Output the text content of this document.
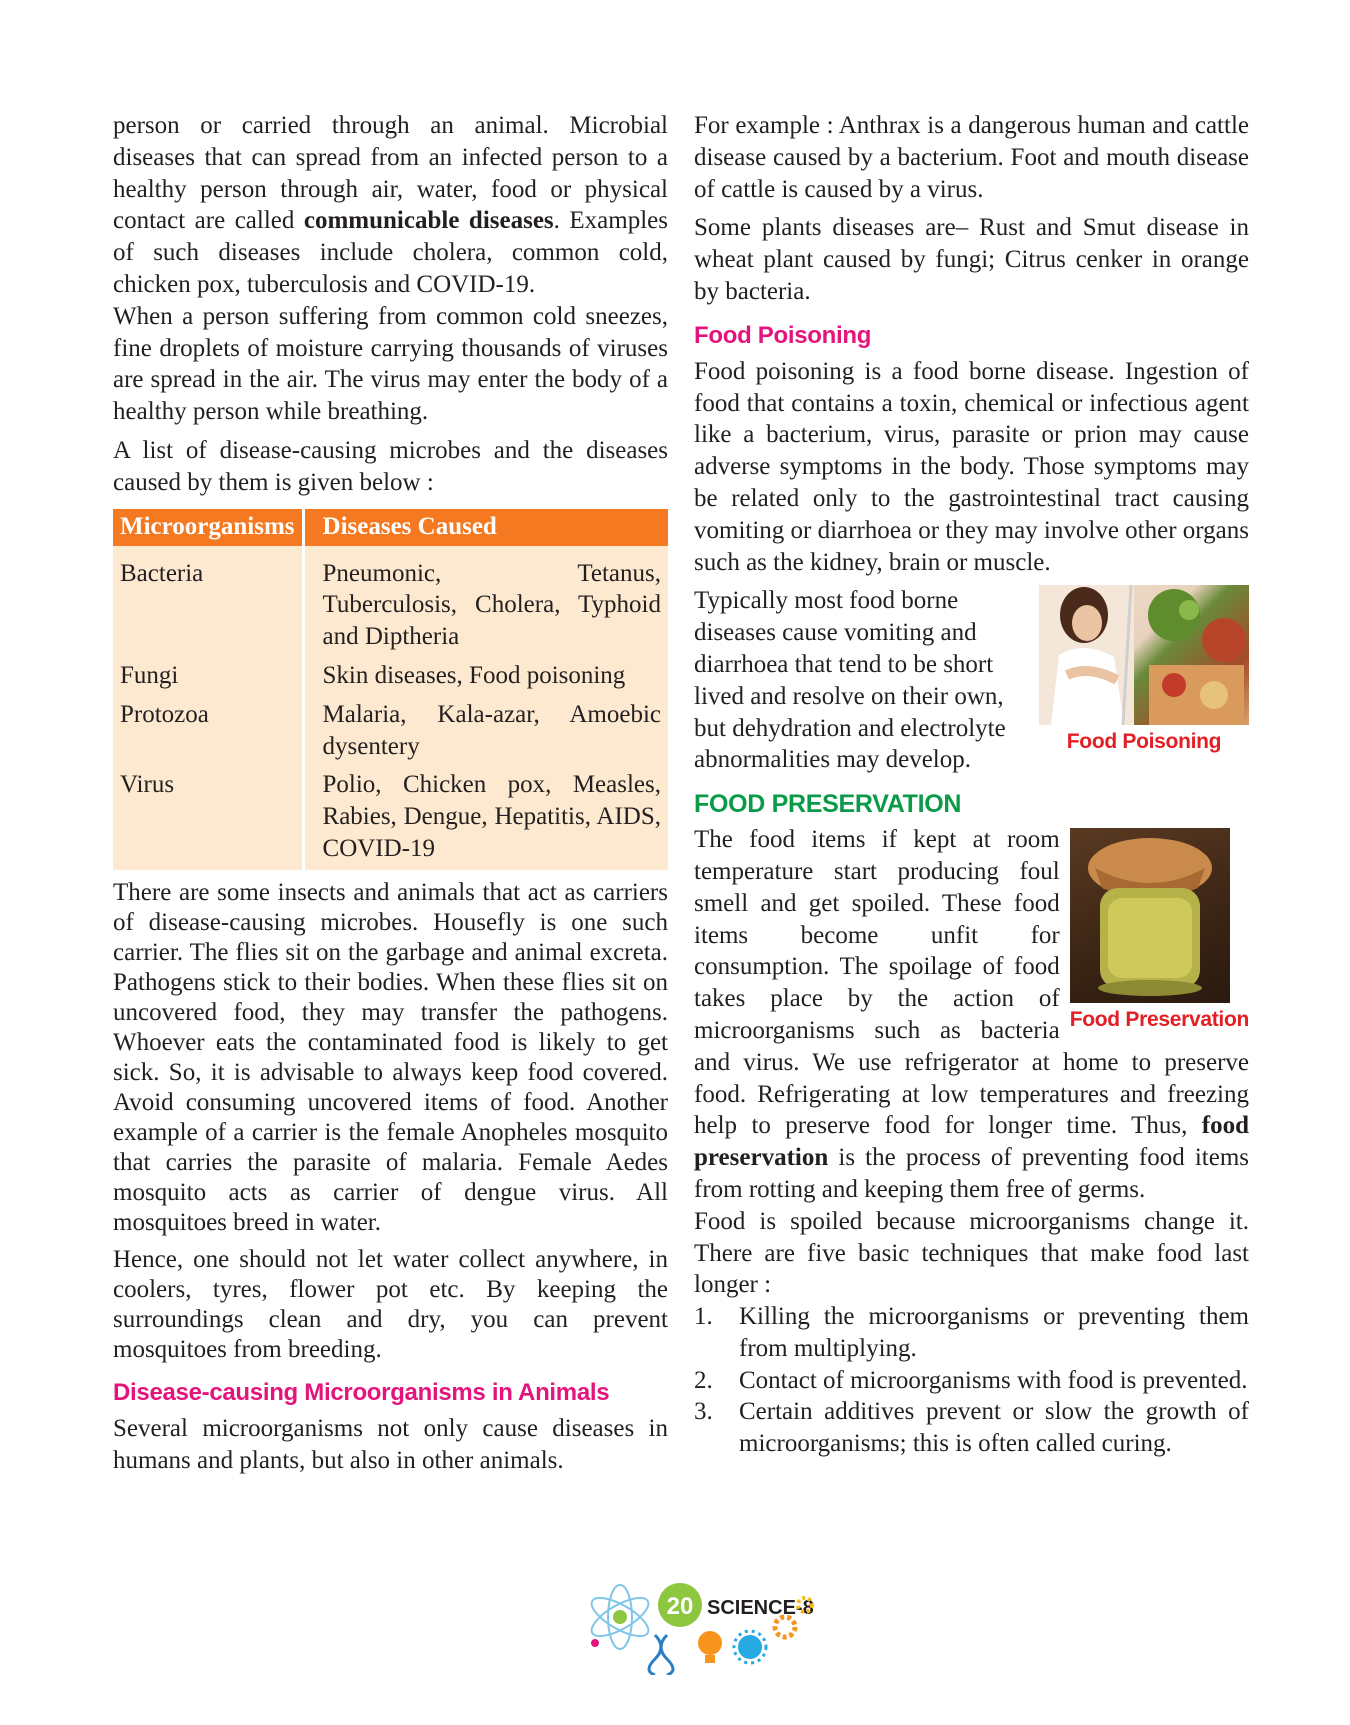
person or carried through an animal. Microbial diseases that can spread from an infected person to a healthy person through air, water, food or physical contact are called communicable diseases. Examples of such diseases include cholera, common cold, chicken pox, tuberculosis and COVID-19.

When a person suffering from common cold sneezes, fine droplets of moisture carrying thousands of viruses are spread in the air. The virus may enter the body of a healthy person while breathing.

A list of disease-causing microbes and the diseases caused by them is given below :

Microorganisms	Diseases Caused
Bacteria	Pneumonic, Tetanus, Tuberculosis, Cholera, Typhoid and Diptheria
Fungi	Skin diseases, Food poisoning
Protozoa	Malaria, Kala-azar, Amoebic dysentery
Virus	Polio, Chicken pox, Measles, Rabies, Dengue, Hepatitis, AIDS, COVID-19

There are some insects and animals that act as carriers of disease-causing microbes. Housefly is one such carrier. The flies sit on the garbage and animal excreta. Pathogens stick to their bodies. When these flies sit on uncovered food, they may transfer the pathogens. Whoever eats the contaminated food is likely to get sick. So, it is advisable to always keep food covered. Avoid consuming uncovered items of food. Another example of a carrier is the female Anopheles mosquito that carries the parasite of malaria. Female Aedes mosquito acts as carrier of dengue virus. All mosquitoes breed in water.

Hence, one should not let water collect anywhere, in coolers, tyres, flower pot etc. By keeping the surroundings clean and dry, you can prevent mosquitoes from breeding.

Disease-causing Microorganisms in Animals

Several microorganisms not only cause diseases in humans and plants, but also in other animals.

For example : Anthrax is a dangerous human and cattle disease caused by a bacterium. Foot and mouth disease of cattle is caused by a virus.

Some plants diseases are– Rust and Smut disease in wheat plant caused by fungi; Citrus cenker in orange by bacteria.

Food Poisoning

Food poisoning is a food borne disease. Ingestion of food that contains a toxin, chemical or infectious agent like a bacterium, virus, parasite or prion may cause adverse symptoms in the body. Those symptoms may be related only to the gastrointestinal tract causing vomiting or diarrhoea or they may involve other organs such as the kidney, brain or muscle.

Food Poisoning

Typically most food borne diseases cause vomiting and diarrhoea that tend to be short lived and resolve on their own, but dehydration and electrolyte abnormalities may develop.

FOOD PRESERVATION
Food Preservation

The food items if kept at room temperature start producing foul smell and get spoiled. These food items become unfit for consumption. The spoilage of food takes place by the action of microorganisms such as bacteria and virus. We use refrigerator at home to preserve food. Refrigerating at low temperatures and freezing help to preserve food for longer time. Thus, food preservation is the process of preventing food items from rotting and keeping them free of germs.

Food is spoiled because microorganisms change it. There are five basic techniques that make food last longer :

1. Killing the microorganisms or preventing them from multiplying.
2. Contact of microorganisms with food is prevented.
3. Certain additives prevent or slow the growth of microorganisms; this is often called curing.
20 SCIENCE-8
